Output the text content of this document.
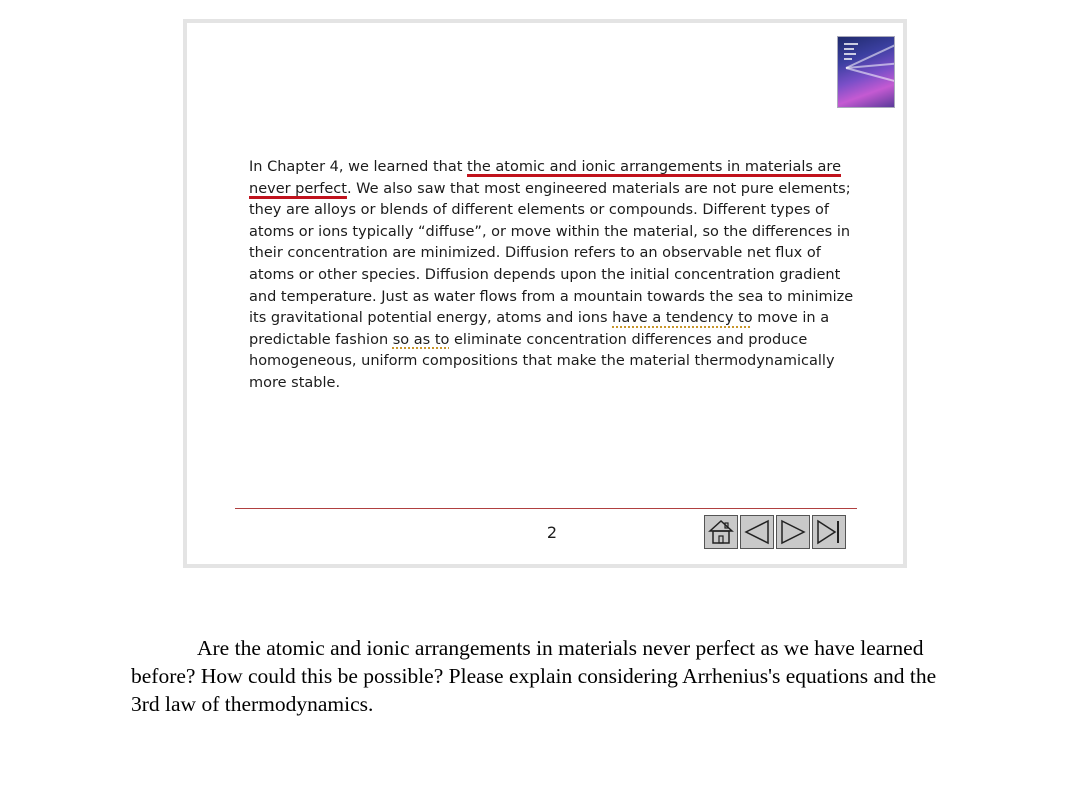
In Chapter 4, we learned that the atomic and ionic arrangements in materials are never perfect. We also saw that most engineered materials are not pure elements; they are alloys or blends of different elements or compounds. Different types of atoms or ions typically “diffuse”, or move within the material, so the differences in their concentration are minimized. Diffusion refers to an observable net flux of atoms or other species. Diffusion depends upon the initial concentration gradient and temperature. Just as water flows from a mountain towards the sea to minimize its gravitational potential energy, atoms and ions have a tendency to move in a predictable fashion so as to eliminate concentration differences and produce homogeneous, uniform compositions that make the material thermodynamically more stable.

2

Are the atomic and ionic arrangements in materials never perfect as we have learned before? How could this be possible? Please explain considering Arrhenius's equations and the 3rd law of thermodynamics.
